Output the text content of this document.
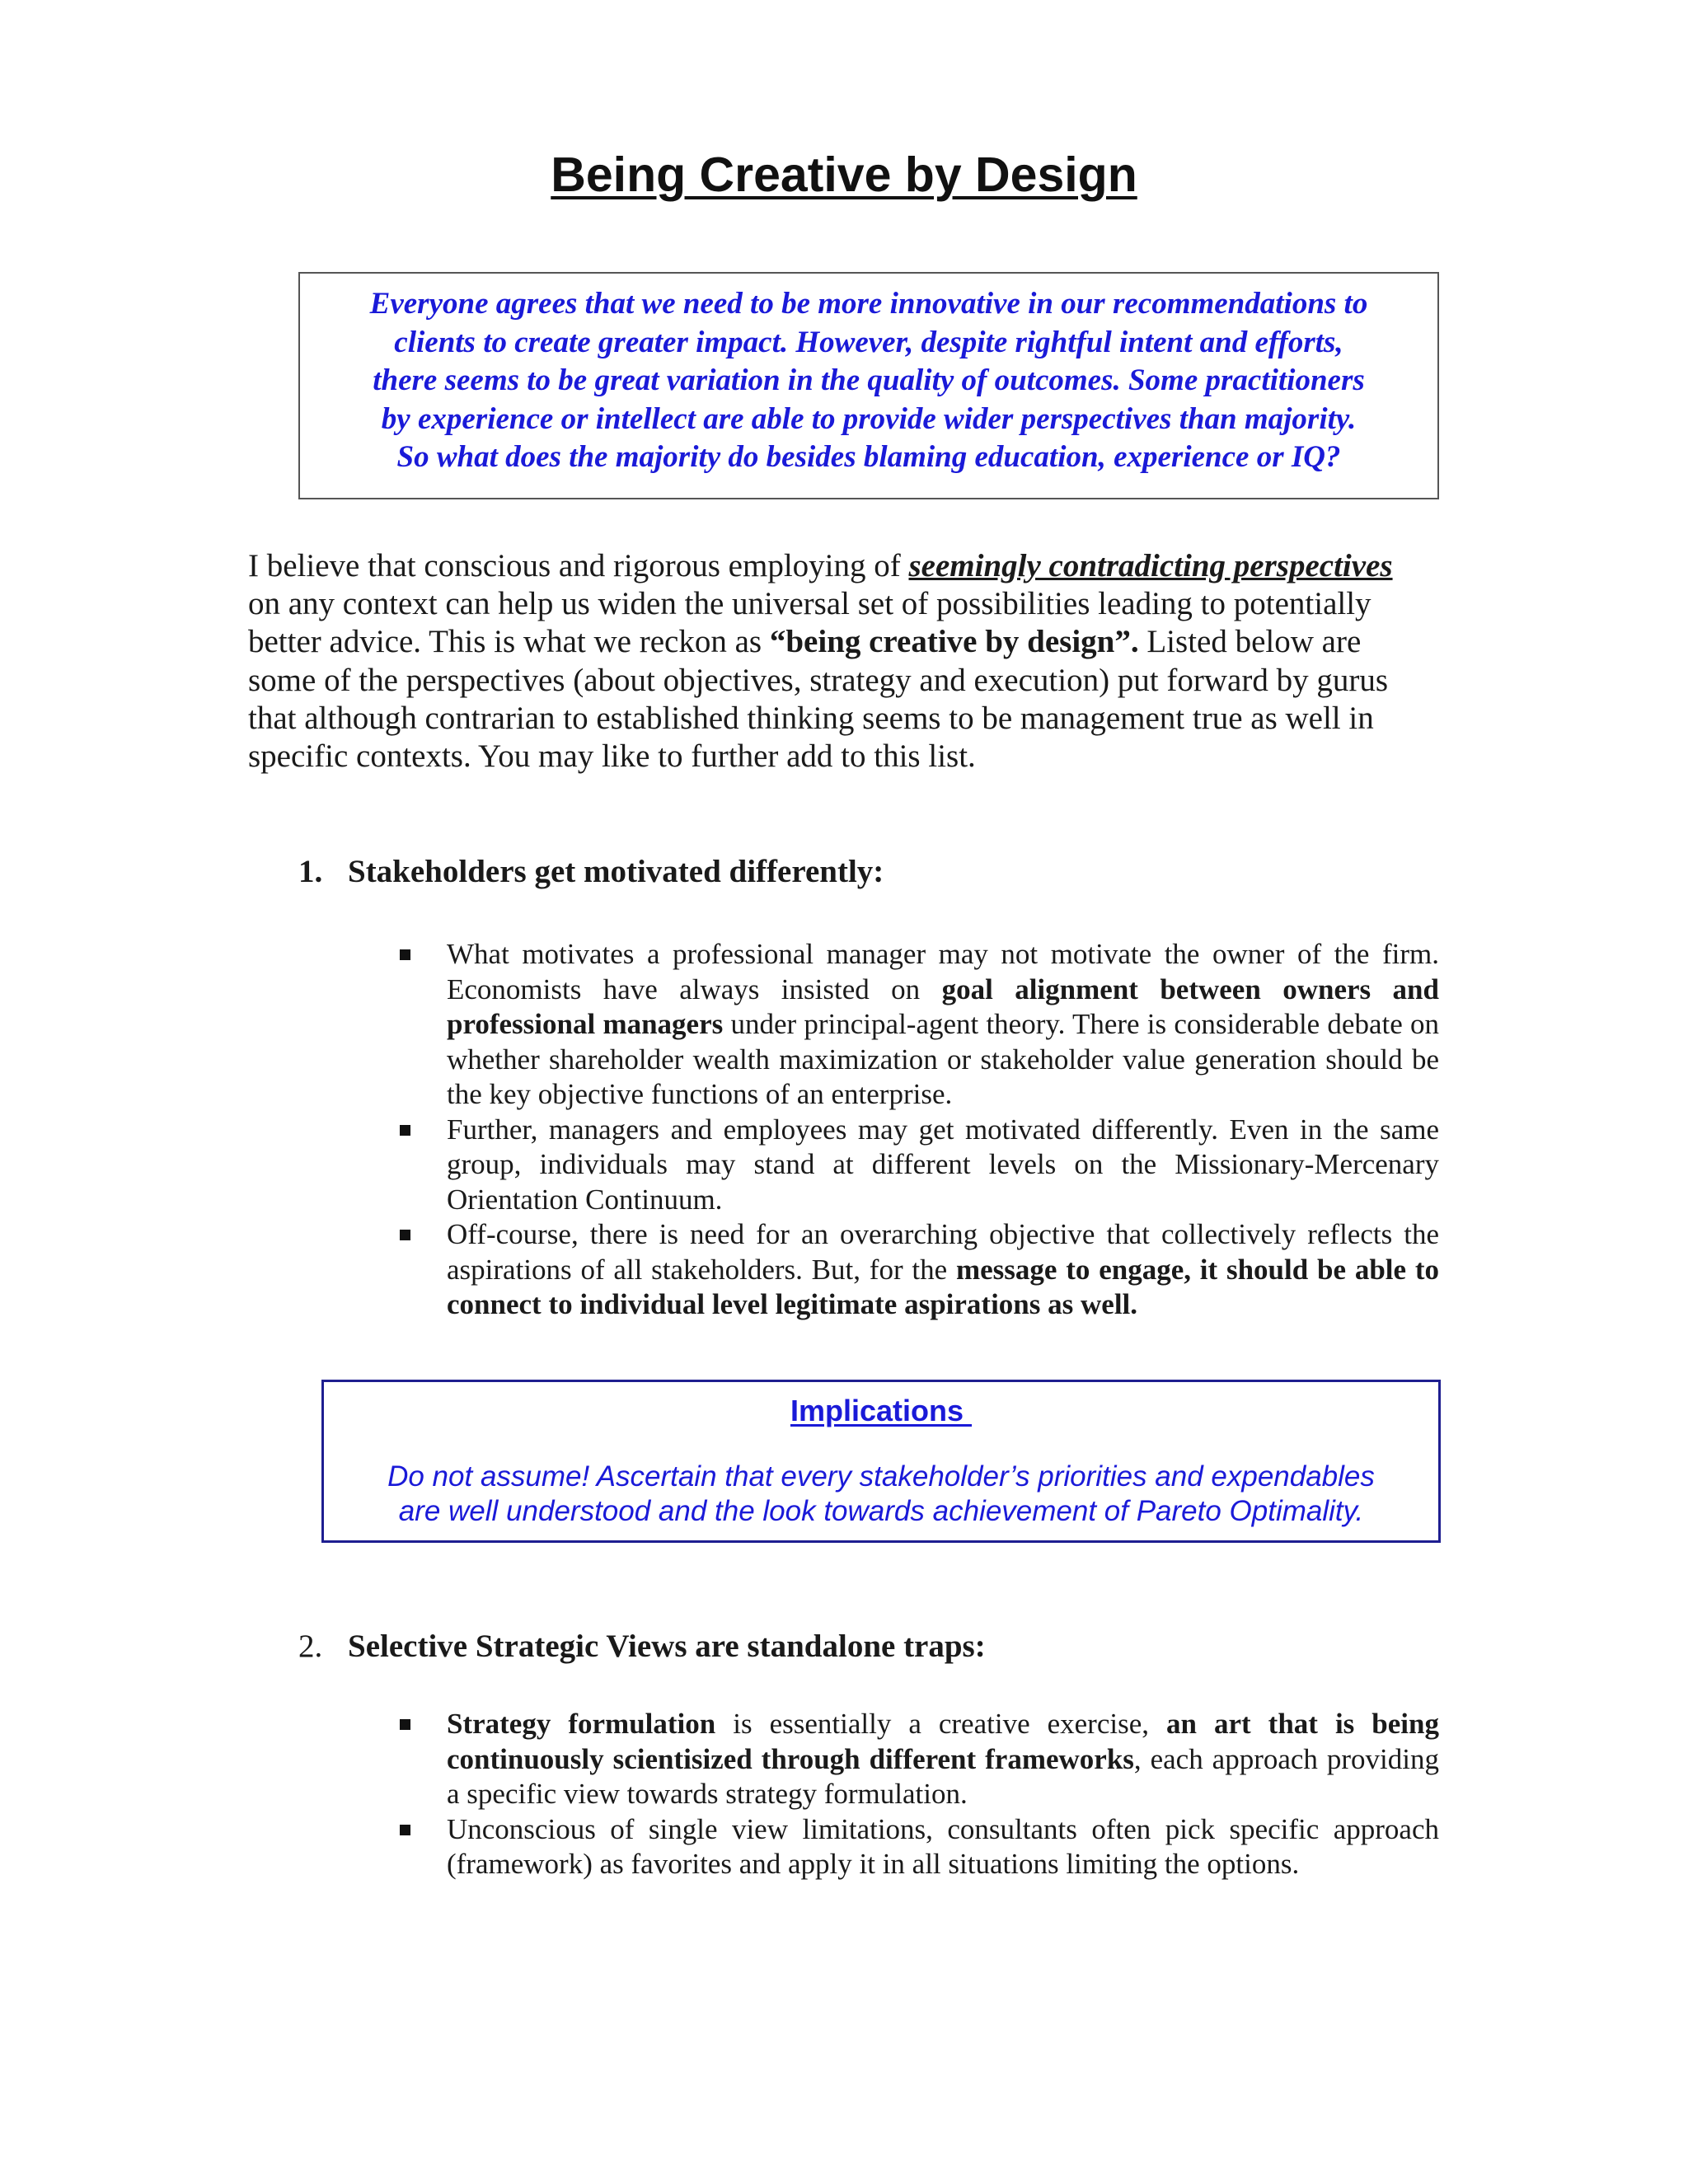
Being Creative by Design
Everyone agrees that we need to be more innovative in our recommendations to
clients to create greater impact. However, despite rightful intent and efforts,
there seems to be great variation in the quality of outcomes. Some practitioners
by experience or intellect are able to provide wider perspectives than majority.
So what does the majority do besides blaming education, experience or IQ?
I believe that conscious and rigorous employing of seemingly contradicting perspectives
on any context can help us widen the universal set of possibilities leading to potentially
better advice. This is what we reckon as “being creative by design”. Listed below are
some of the perspectives (about objectives, strategy and execution) put forward by gurus
that although contrarian to established thinking seems to be management true as well in
specific contexts. You may like to further add to this list.
1. Stakeholders get motivated differently:
What motivates a professional manager may not motivate the owner of the firm. Economists have always insisted on goal alignment between owners and professional managers under principal-agent theory. There is considerable debate on whether shareholder wealth maximization or stakeholder value generation should be the key objective functions of an enterprise.
Further, managers and employees may get motivated differently. Even in the same group, individuals may stand at different levels on the Missionary-Mercenary Orientation Continuum.
Off-course, there is need for an overarching objective that collectively reflects the aspirations of all stakeholders. But, for the message to engage, it should be able to connect to individual level legitimate aspirations as well.
Implications
Do not assume! Ascertain that every stakeholder’s priorities and expendables
are well understood and the look towards achievement of Pareto Optimality.
2. Selective Strategic Views are standalone traps:
Strategy formulation is essentially a creative exercise, an art that is being continuously scientisized through different frameworks, each approach providing a specific view towards strategy formulation.
Unconscious of single view limitations, consultants often pick specific approach (framework) as favorites and apply it in all situations limiting the options.
